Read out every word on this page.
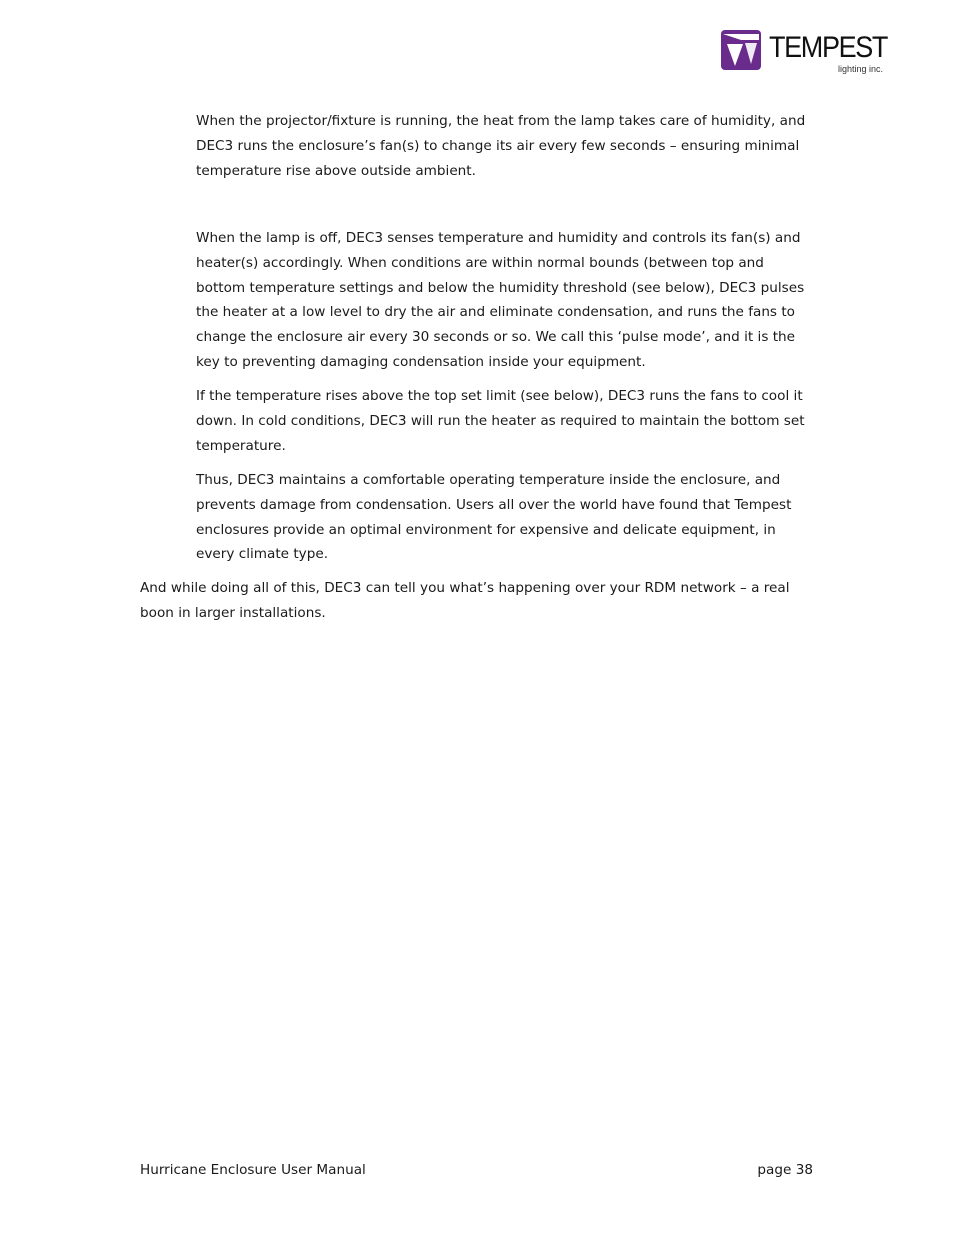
TEMPEST
lighting inc.

When the projector/fixture is running, the heat from the lamp takes care of humidity, and DEC3 runs the enclosure’s fan(s) to change its air every few seconds – ensuring minimal temperature rise above outside ambient.

When the lamp is off, DEC3 senses temperature and humidity and controls its fan(s) and heater(s) accordingly. When conditions are within normal bounds (between top and bottom temperature settings and below the humidity threshold (see below), DEC3 pulses the heater at a low level to dry the air and eliminate condensation, and runs the fans to change the enclosure air every 30 seconds or so. We call this ‘pulse mode’, and it is the key to preventing damaging condensation inside your equipment.

If the temperature rises above the top set limit (see below), DEC3 runs the fans to cool it down. In cold conditions, DEC3 will run the heater as required to maintain the bottom set temperature.

Thus, DEC3 maintains a comfortable operating temperature inside the enclosure, and prevents damage from condensation. Users all over the world have found that Tempest enclosures provide an optimal environment for expensive and delicate equipment, in every climate type.

And while doing all of this, DEC3 can tell you what’s happening over your RDM network – a real boon in larger installations.

Hurricane Enclosure User Manual	page 38
